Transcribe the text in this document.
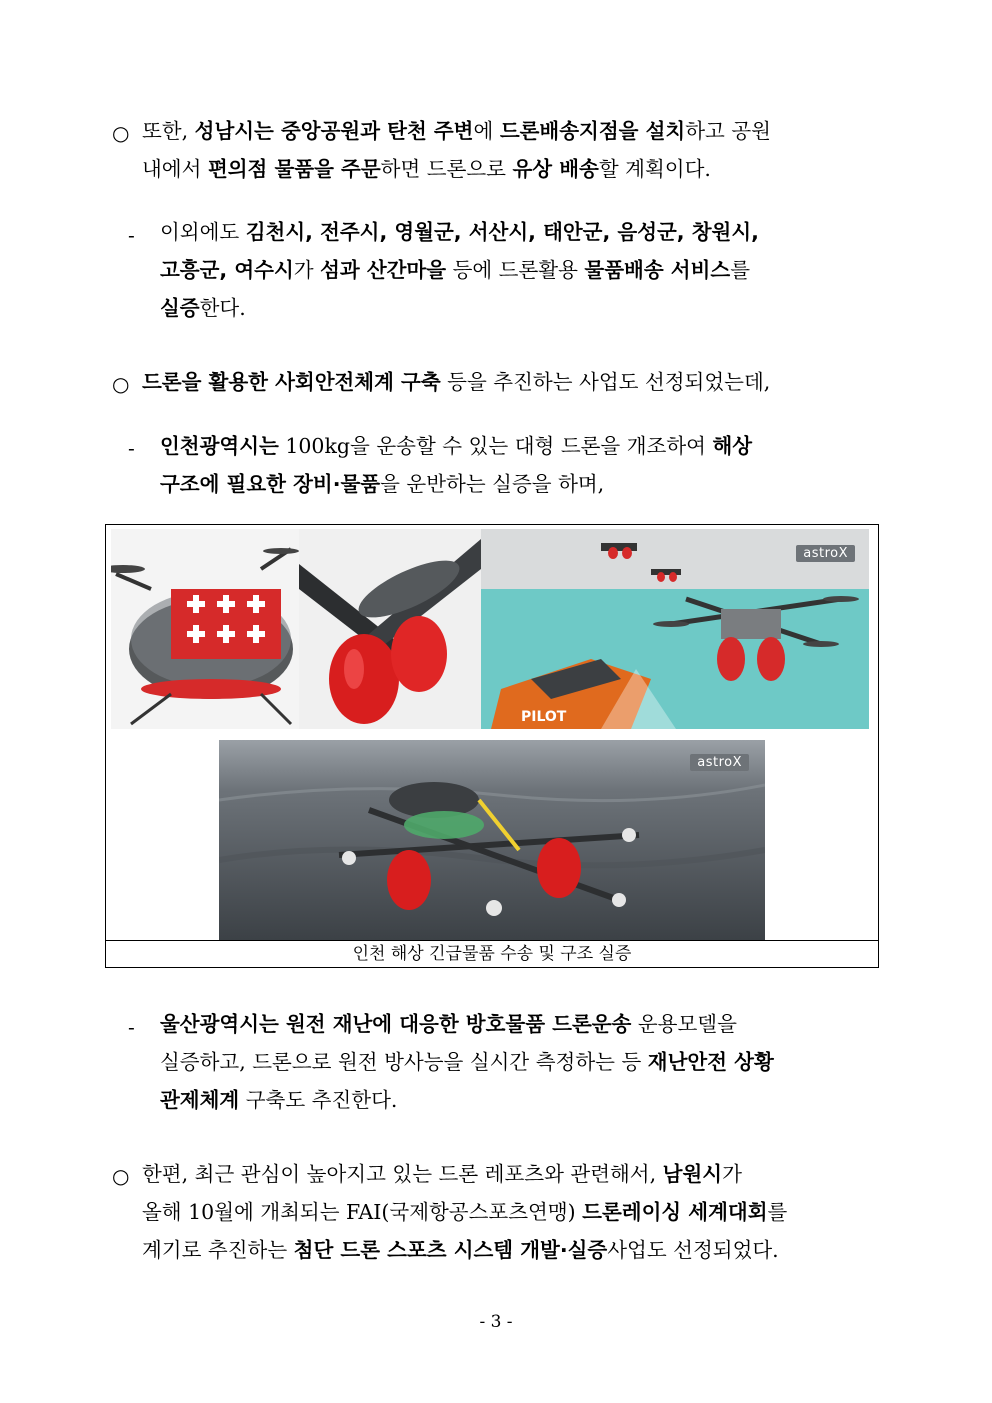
○ 또한, 성남시는 중앙공원과 탄천 주변에 드론배송지점을 설치하고 공원
내에서 편의점 물품을 주문하면 드론으로 유상 배송할 계획이다.
- 이외에도 김천시, 전주시, 영월군, 서산시, 태안군, 음성군, 창원시,
고흥군, 여수시가 섬과 산간마을 등에 드론활용 물품배송 서비스를
실증한다.
○ 드론을 활용한 사회안전체계 구축 등을 추진하는 사업도 선정되었는데,
- 인천광역시는 100kg을 운송할 수 있는 대형 드론을 개조하여 해상
구조에 필요한 장비·물품을 운반하는 실증을 하며,
PILOT
astroX
astroX
인천 해상 긴급물품 수송 및 구조 실증
- 울산광역시는 원전 재난에 대응한 방호물품 드론운송 운용모델을
실증하고, 드론으로 원전 방사능을 실시간 측정하는 등 재난안전 상황
관제체계 구축도 추진한다.
○ 한편, 최근 관심이 높아지고 있는 드론 레포츠와 관련해서, 남원시가
올해 10월에 개최되는 FAI(국제항공스포츠연맹) 드론레이싱 세계대회를
계기로 추진하는 첨단 드론 스포츠 시스템 개발·실증사업도 선정되었다.
- 3 -
